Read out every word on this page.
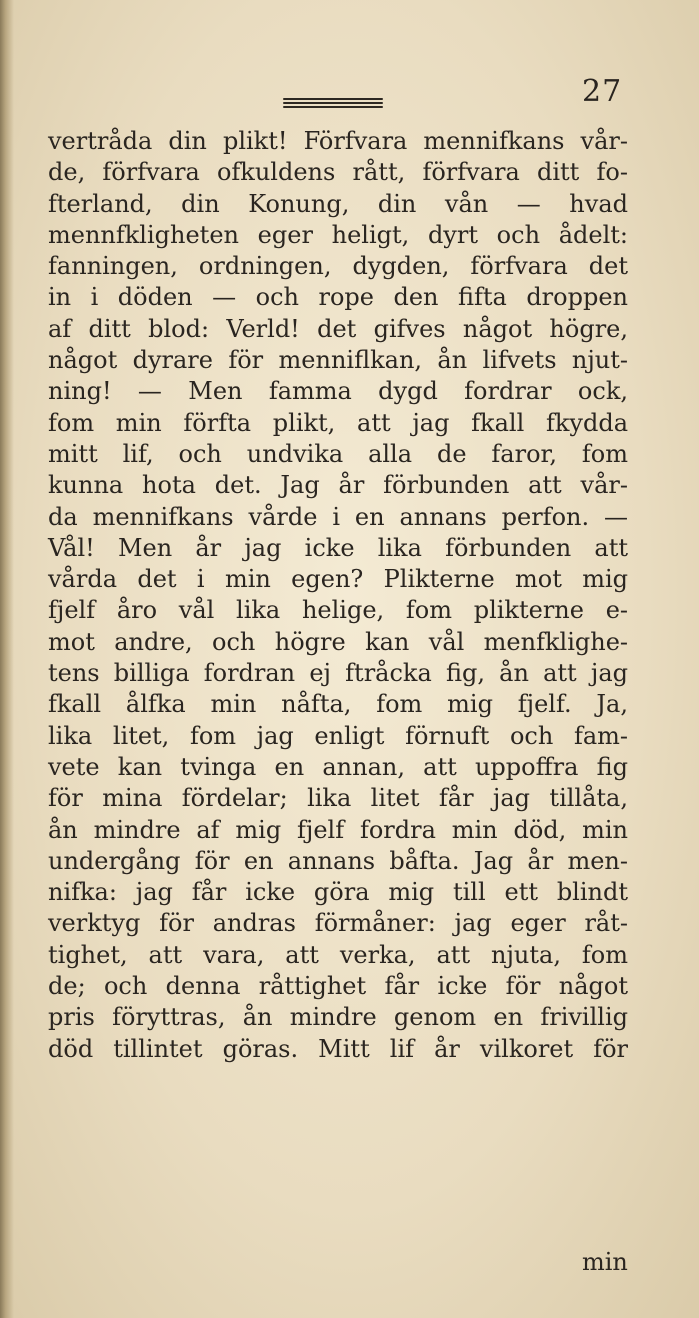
27
vertråda din plikt! Förfvara mennifkans vår-
de, förfvara ofkuldens rått, förfvara ditt fo-
fterland, din Konung, din vån — hvad
mennfkligheten eger heligt, dyrt och ådelt:
fanningen, ordningen, dygden, förfvara det
in i döden — och rope den fifta droppen
af ditt blod: Verld! det gifves något högre,
något dyrare för menniflkan, ån lifvets njut-
ning! — Men famma dygd fordrar ock,
fom min förfta plikt, att jag fkall fkydda
mitt lif, och undvika alla de faror, fom
kunna hota det. Jag år förbunden att vår-
da mennifkans vårde i en annans perfon. —
Vål! Men år jag icke lika förbunden att
vårda det i min egen? Plikterne mot mig
fjelf åro vål lika helige, fom plikterne e-
mot andre, och högre kan vål menfklighe-
tens billiga fordran ej ftråcka fig, ån att jag
fkall ålfka min nåfta, fom mig fjelf. Ja,
lika litet, fom jag enligt förnuft och fam-
vete kan tvinga en annan, att uppoffra fig
för mina fördelar; lika litet får jag tillåta,
ån mindre af mig fjelf fordra min död, min
undergång för en annans båfta. Jag år men-
nifka: jag får icke göra mig till ett blindt
verktyg för andras förmåner: jag eger råt-
tighet, att vara, att verka, att njuta, fom
de; och denna råttighet får icke för något
pris föryttras, ån mindre genom en frivillig
död tillintet göras. Mitt lif år vilkoret för
min
